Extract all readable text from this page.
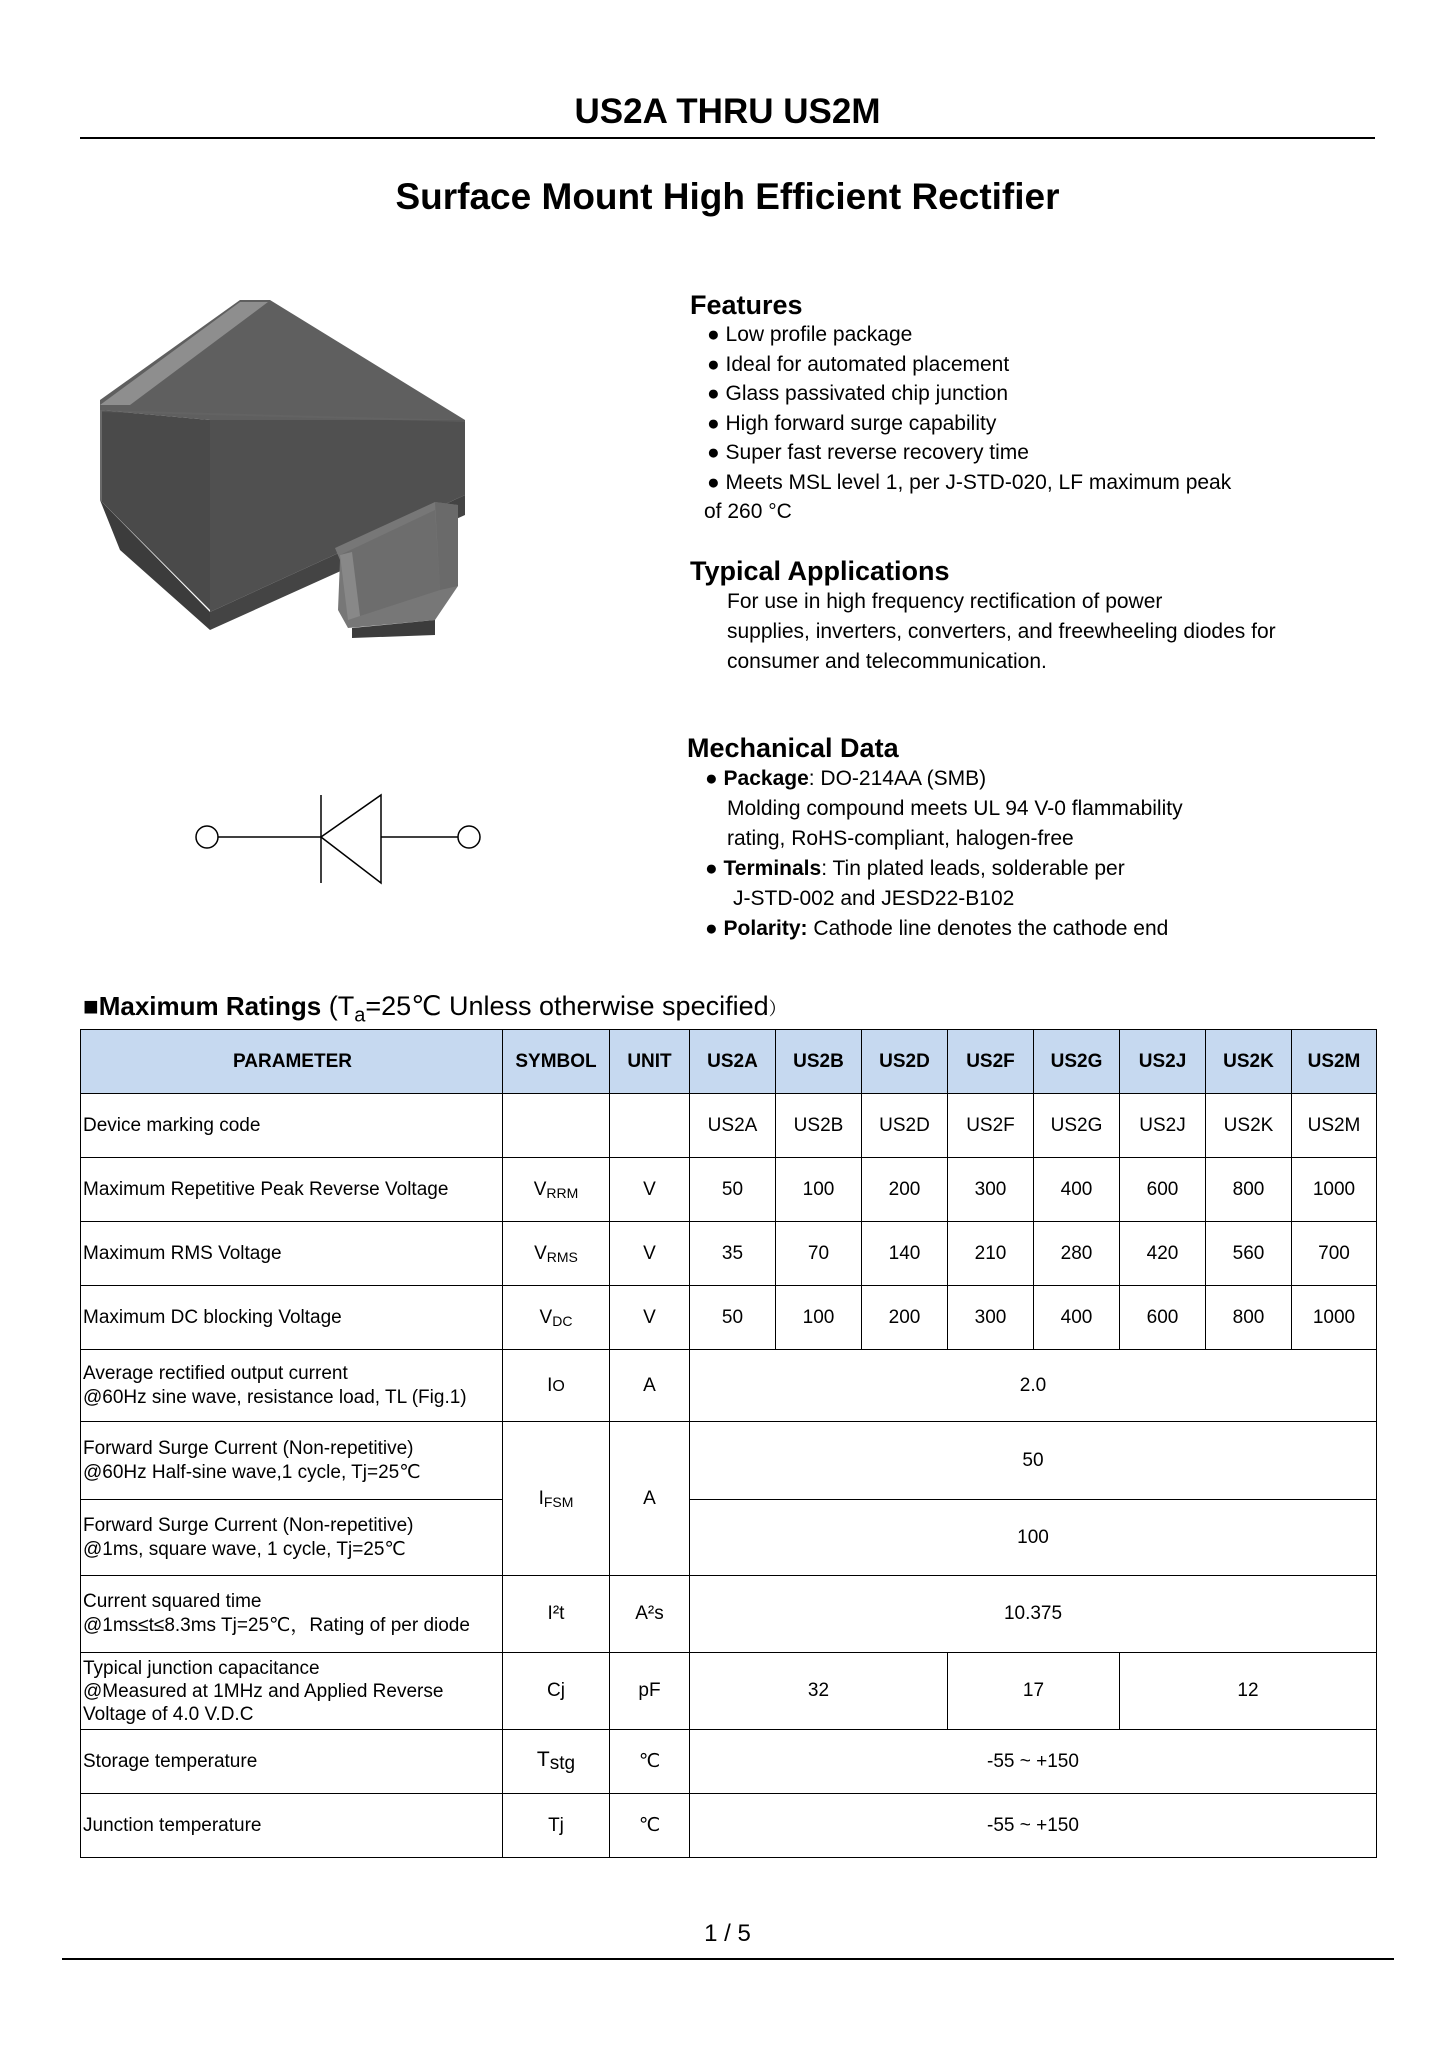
US2A THRU US2M
Surface Mount High Efficient Rectifier
Features
● Low profile package
● Ideal for automated placement
● Glass passivated chip junction
● High forward surge capability
● Super fast reverse recovery time
● Meets MSL level 1, per J-STD-020, LF maximum peak
of 260 °C
Typical Applications
For use in high frequency rectification of power
supplies, inverters, converters, and freewheeling diodes for
consumer and telecommunication.
Mechanical Data
● Package: DO-214AA (SMB)
Molding compound meets UL 94 V-0 flammability
rating, RoHS-compliant, halogen-free
● Terminals: Tin plated leads, solderable per
J-STD-002 and JESD22-B102
● Polarity: Cathode line denotes the cathode end
■Maximum Ratings ($T_a=25℃$ Unless otherwise specified）
PARAMETER	SYMBOL	UNIT	US2A	US2B	US2D	US2F	US2G	US2J	US2K	US2M
Device marking code			US2A	US2B	US2D	US2F	US2G	US2J	US2K	US2M
Maximum Repetitive Peak Reverse Voltage	$V_{RRM}$	V	50	100	200	300	400	600	800	1000
Maximum RMS Voltage	$V_{RMS}$	V	35	70	140	210	280	420	560	700
Maximum DC blocking Voltage	$V_{DC}$	V	50	100	200	300	400	600	800	1000

Average rectified output current
@60Hz sine wave, resistance load, TL (Fig.1)	IO	A	2.0							

Forward Surge Current (Non-repetitive)
@60Hz Half-sine wave,1 cycle, Tj=25℃	$I_{FSM}$	A	50							

Forward Surge Current (Non-repetitive)
@1ms, square wave, 1 cycle, Tj=25℃			100							

Current squared time
@1ms≤t≤8.3ms Tj=25℃，Rating of per diode	I²t	A²s	10.375							

Typical junction capacitance
@Measured at 1MHz and Applied Reverse
Voltage of 4.0 V.D.C	Cj	pF	32			17		12		
Storage temperature	Tstg	℃	-55 ~ +150							
Junction temperature	Tj	℃	-55 ~ +150							
1 / 5
